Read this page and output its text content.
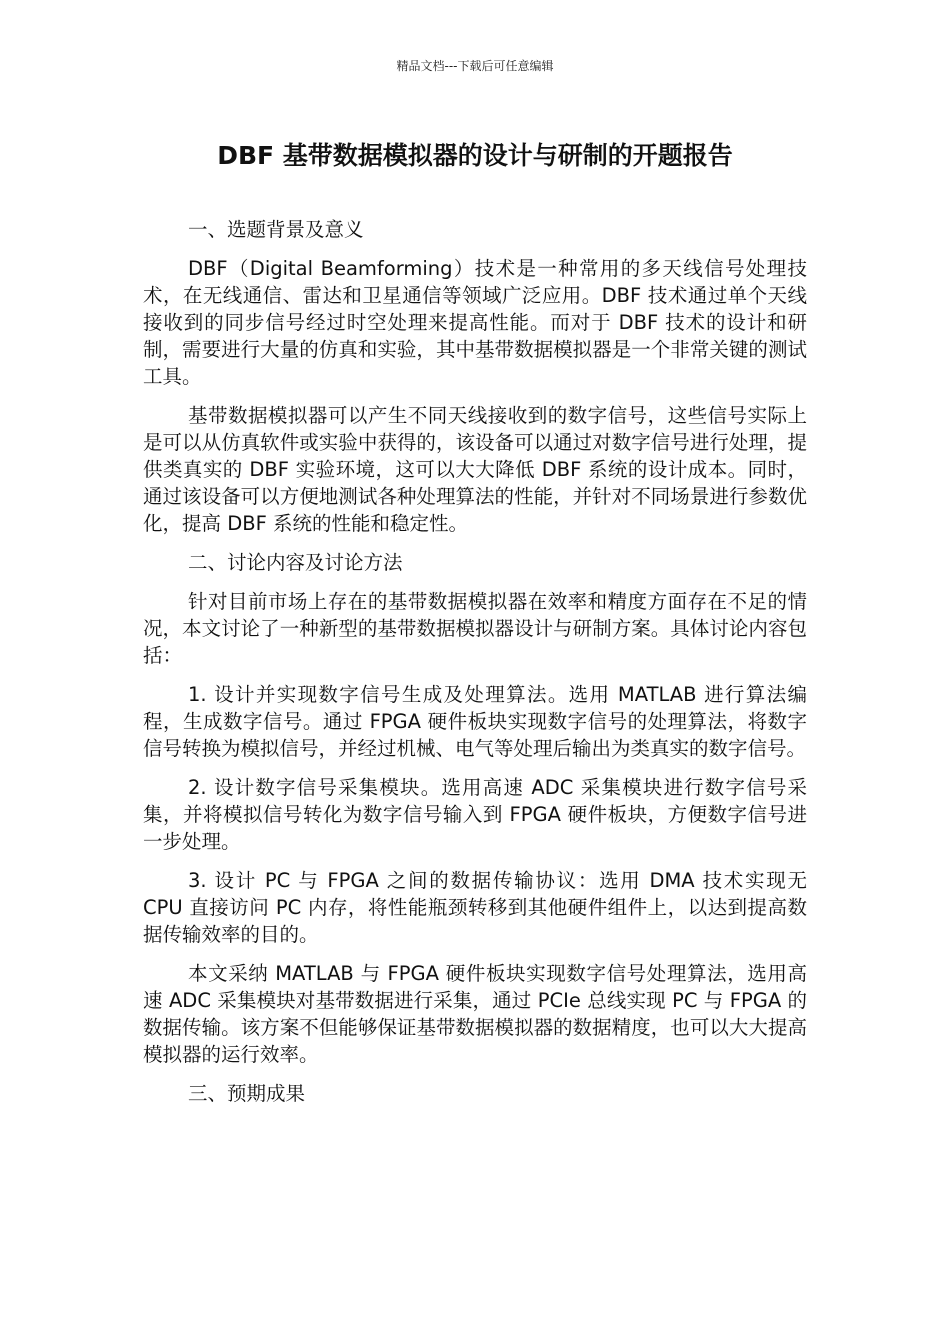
精品文档---下载后可任意编辑
DBF 基带数据模拟器的设计与研制的开题报告

一、选题背景及意义

DBF（Digital Beamforming）技术是一种常用的多天线信号处理技术，在无线通信、雷达和卫星通信等领域广泛应用。DBF 技术通过单个天线接收到的同步信号经过时空处理来提高性能。而对于 DBF 技术的设计和研制，需要进行大量的仿真和实验，其中基带数据模拟器是一个非常关键的测试工具。

基带数据模拟器可以产生不同天线接收到的数字信号，这些信号实际上是可以从仿真软件或实验中获得的，该设备可以通过对数字信号进行处理，提供类真实的 DBF 实验环境，这可以大大降低 DBF 系统的设计成本。同时，通过该设备可以方便地测试各种处理算法的性能，并针对不同场景进行参数优化，提高 DBF 系统的性能和稳定性。

二、讨论内容及讨论方法

针对目前市场上存在的基带数据模拟器在效率和精度方面存在不足的情况，本文讨论了一种新型的基带数据模拟器设计与研制方案。具体讨论内容包括：

1. 设计并实现数字信号生成及处理算法。选用 MATLAB 进行算法编程，生成数字信号。通过 FPGA 硬件板块实现数字信号的处理算法，将数字信号转换为模拟信号，并经过机械、电气等处理后输出为类真实的数字信号。

2. 设计数字信号采集模块。选用高速 ADC 采集模块进行数字信号采集，并将模拟信号转化为数字信号输入到 FPGA 硬件板块，方便数字信号进一步处理。

3. 设计 PC 与 FPGA 之间的数据传输协议：选用 DMA 技术实现无 CPU 直接访问 PC 内存，将性能瓶颈转移到其他硬件组件上，以达到提高数据传输效率的目的。

本文采纳 MATLAB 与 FPGA 硬件板块实现数字信号处理算法，选用高速 ADC 采集模块对基带数据进行采集，通过 PCIe 总线实现 PC 与 FPGA 的数据传输。该方案不但能够保证基带数据模拟器的数据精度，也可以大大提高模拟器的运行效率。

三、预期成果
